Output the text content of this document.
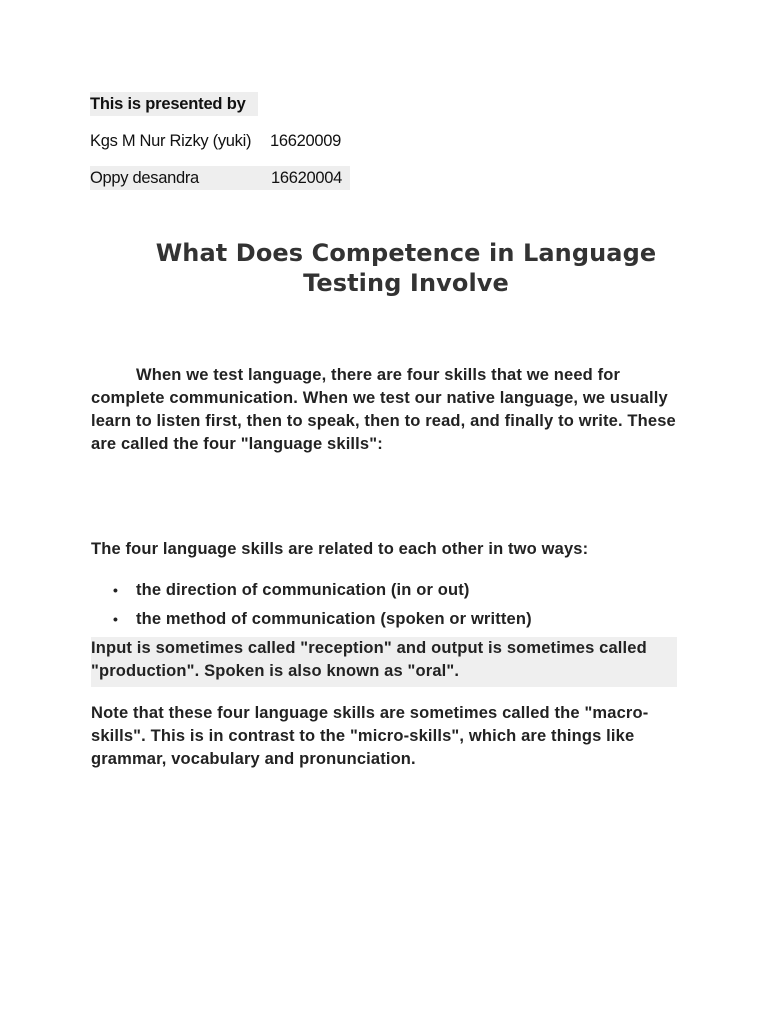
This is presented by
Kgs M Nur Rizky (yuki) 16620009
Oppy desandra	16620004
What Does Competence in Language
Testing Involve

When we test language, there are four skills that we need for complete communication. When we test our native language, we usually learn to listen first, then to speak, then to read, and finally to write. These are called the four "language skills":

The four language skills are related to each other in two ways:

• the direction of communication (in or out)
• the method of communication (spoken or written)

Input is sometimes called "reception" and output is sometimes called "production". Spoken is also known as "oral".

Note that these four language skills are sometimes called the "macro-skills". This is in contrast to the "micro-skills", which are things like grammar, vocabulary and pronunciation.
